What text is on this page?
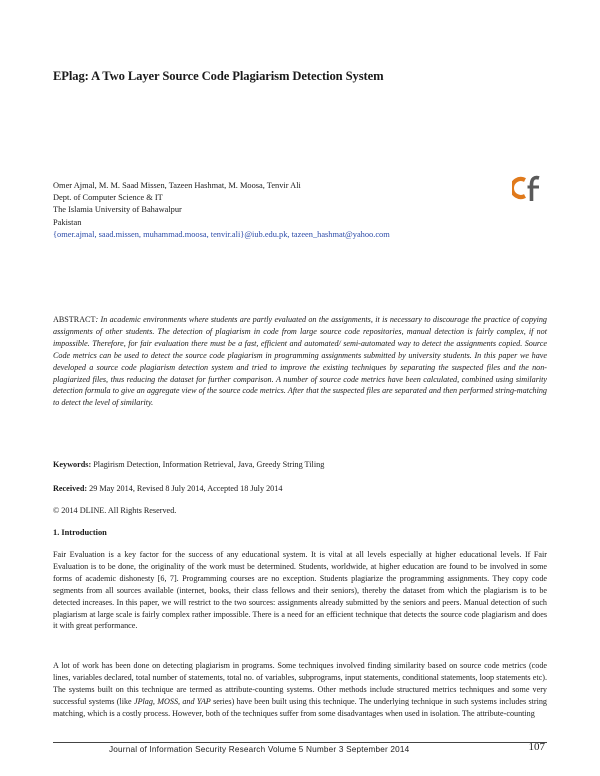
EPlag: A Two Layer Source Code Plagiarism Detection System
Omer Ajmal, M. M. Saad Missen, Tazeen Hashmat, M. Moosa, Tenvir Ali
Dept. of Computer Science & IT
The Islamia University of Bahawalpur
Pakistan
{omer.ajmal, saad.missen, muhammad.moosa, tenvir.ali}@iub.edu.pk, tazeen_hashmat@yahoo.com
ABSTRACT: In academic environments where students are partly evaluated on the assignments, it is necessary to discourage the practice of copying assignments of other students. The detection of plagiarism in code from large source code repositories, manual detection is fairly complex, if not impossible. Therefore, for fair evaluation there must be a fast, efficient and automated/ semi-automated way to detect the assignments copied. Source Code metrics can be used to detect the source code plagiarism in programming assignments submitted by university students. In this paper we have developed a source code plagiarism detection system and tried to improve the existing techniques by separating the suspected files and the non-plagiarized files, thus reducing the dataset for further comparison. A number of source code metrics have been calculated, combined using similarity detection formula to give an aggregate view of the source code metrics. After that the suspected files are separated and then performed string-matching to detect the level of similarity.
Keywords: Plagirism Detection, Information Retrieval, Java, Greedy String Tiling
Received: 29 May 2014, Revised 8 July 2014, Accepted 18 July 2014
© 2014 DLINE. All Rights Reserved.
1. Introduction
Fair Evaluation is a key factor for the success of any educational system. It is vital at all levels especially at higher educational levels. If Fair Evaluation is to be done, the originality of the work must be determined. Students, worldwide, at higher education are found to be involved in some forms of academic dishonesty [6, 7]. Programming courses are no exception. Students plagiarize the programming assignments. They copy code segments from all sources available (internet, books, their class fellows and their seniors), thereby the dataset from which the plagiarism is to be detected increases. In this paper, we will restrict to the two sources: assignments already submitted by the seniors and peers. Manual detection of such plagiarism at large scale is fairly complex rather impossible. There is a need for an efficient technique that detects the source code plagiarism and does it with great performance.
A lot of work has been done on detecting plagiarism in programs. Some techniques involved finding similarity based on source code metrics (code lines, variables declared, total number of statements, total no. of variables, subprograms, input statements, conditional statements, loop statements etc). The systems built on this technique are termed as attribute-counting systems. Other methods include structured metrics techniques and some very successful systems (like JPlag, MOSS, and YAP series) have been built using this technique. The underlying technique in such systems includes string matching, which is a costly process. However, both of the techniques suffer from some disadvantages when used in isolation. The attribute-counting
Journal of Information Security Research Volume 5 Number 3 September 2014	107
